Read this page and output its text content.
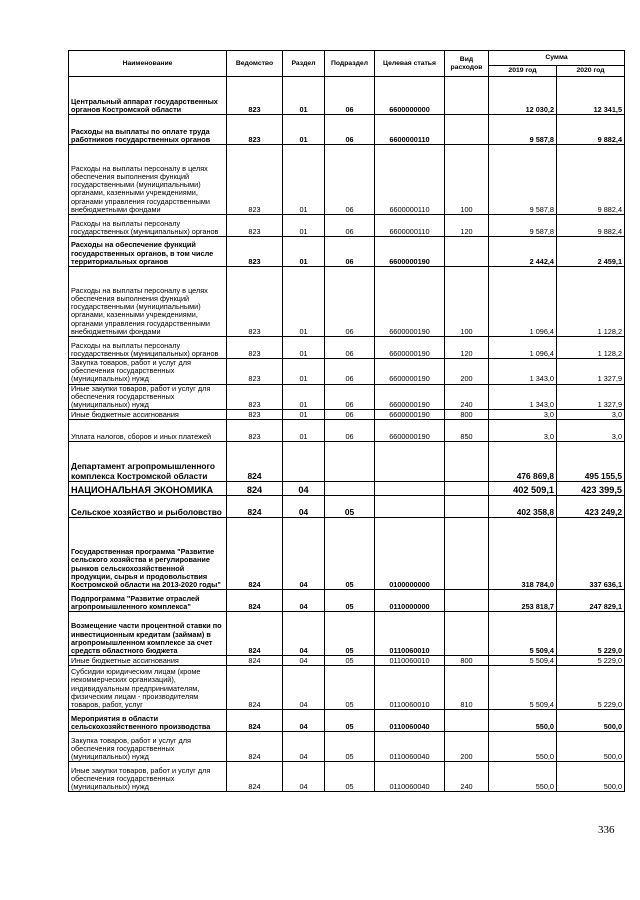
Наименование	Ведомство	Раздел	Подраздел	Целевая статья	Вид расходов	Сумма	
						2019 год	2020 год
Центральный аппарат государственных органов Костромской области	823	01	06	6600000000		12 030,2	12 341,5
Расходы на выплаты по оплате труда работников государственных органов	823	01	06	6600000110		9 587,8	9 882,4
Расходы на выплаты персоналу в целях обеспечения выполнения функций государственными (муниципальными) органами, казенными учреждениями, органами управления государственными внебюджетными фондами	823	01	06	6600000110	100	9 587,8	9 882,4
Расходы на выплаты персоналу государственных (муниципальных) органов	823	01	06	6600000110	120	9 587,8	9 882,4
Расходы на обеспечение функций государственных органов, в том числе территориальных органов	823	01	06	6600000190		2 442,4	2 459,1
Расходы на выплаты персоналу в целях обеспечения выполнения функций государственными (муниципальными) органами, казенными учреждениями, органами управления государственными внебюджетными фондами	823	01	06	6600000190	100	1 096,4	1 128,2
Расходы на выплаты персоналу государственных (муниципальных) органов	823	01	06	6600000190	120	1 096,4	1 128,2
Закупка товаров, работ и услуг для обеспечения государственных (муниципальных) нужд	823	01	06	6600000190	200	1 343,0	1 327,9
Иные закупки товаров, работ и услуг для обеспечения государственных (муниципальных) нужд	823	01	06	6600000190	240	1 343,0	1 327,9
Иные бюджетные ассигнования	823	01	06	6600000190	800	3,0	3,0
Уплата налогов, сборов и иных платежей	823	01	06	6600000190	850	3,0	3,0
Департамент агропромышленного комплекса Костромской области	824					476 869,8	495 155,5
НАЦИОНАЛЬНАЯ ЭКОНОМИКА	824	04				402 509,1	423 399,5
Сельское хозяйство и рыболовство	824	04	05			402 358,8	423 249,2
Государственная программа "Развитие сельского хозяйства и регулирование рынков сельскохозяйственной продукции, сырья и продовольствия Костромской области на 2013-2020 годы"	824	04	05	0100000000		318 784,0	337 636,1
Подпрограмма "Развитие отраслей агропромышленного комплекса"	824	04	05	0110000000		253 818,7	247 829,1
Возмещение части процентной ставки по инвестиционным кредитам (займам) в агропромышленном комплексе за счет средств областного бюджета	824	04	05	0110060010		5 509,4	5 229,0
Иные бюджетные ассигнования	824	04	05	0110060010	800	5 509,4	5 229,0
Субсидии юридическим лицам (кроме некоммерческих организаций), индивидуальным предпринимателям, физическим лицам - производителям товаров, работ, услуг	824	04	05	0110060010	810	5 509,4	5 229,0
Мероприятия в области сельскохозяйственного производства	824	04	05	0110060040		550,0	500,0
Закупка товаров, работ и услуг для обеспечения государственных (муниципальных) нужд	824	04	05	0110060040	200	550,0	500,0
Иные закупки товаров, работ и услуг для обеспечения государственных (муниципальных) нужд	824	04	05	0110060040	240	550,0	500,0
336
